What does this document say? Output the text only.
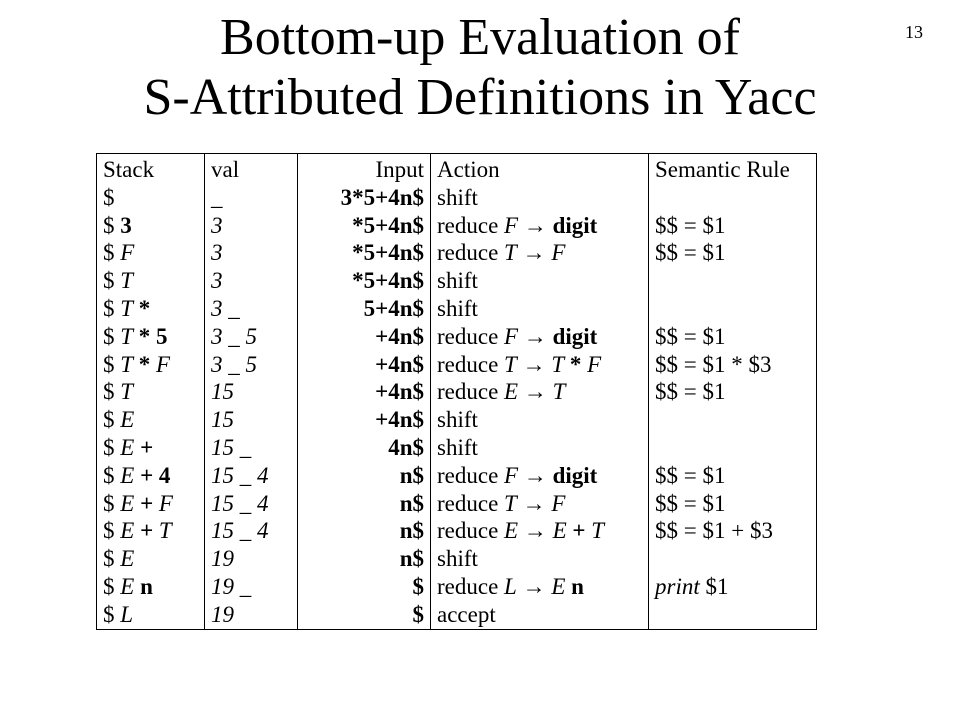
13
Bottom-up Evaluation of
S-Attributed Definitions in Yacc
Stack	val	Input	Action	Semantic Rule
$	_	3*5+4n$	shift	
$ 3	3	*5+4n$	reduce F → digit	$$ = $1
$ F	3	*5+4n$	reduce T → F	$$ = $1
$ T	3	*5+4n$	shift	
$ T *	3 _	5+4n$	shift	
$ T * 5	3 _ 5	+4n$	reduce F → digit	$$ = $1
$ T * F	3 _ 5	+4n$	reduce T → T * F	$$ = $1 * $3
$ T	15	+4n$	reduce E → T	$$ = $1
$ E	15	+4n$	shift	
$ E +	15 _	4n$	shift	
$ E + 4	15 _ 4	n$	reduce F → digit	$$ = $1
$ E + F	15 _ 4	n$	reduce T → F	$$ = $1
$ E + T	15 _ 4	n$	reduce E → E + T	$$ = $1 + $3
$ E	19	n$	shift	
$ E n	19 _	$	reduce L → E n	print $1
$ L	19	$	accept	
